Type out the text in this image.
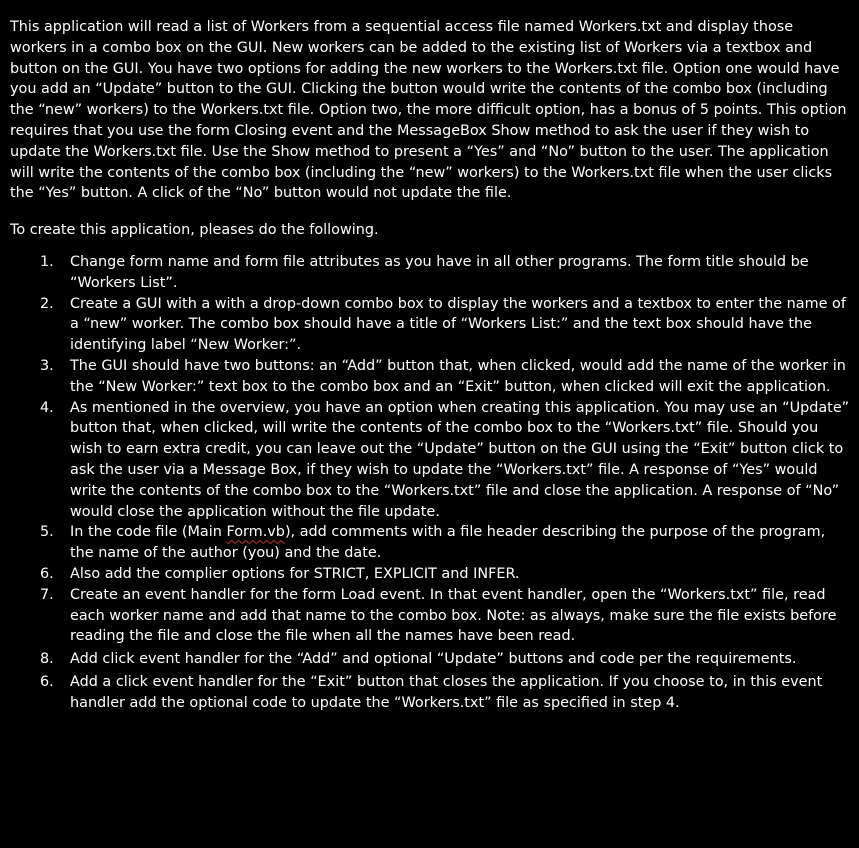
This application will read a list of Workers from a sequential access file named Workers.txt and display those workers in a combo box on the GUI. New workers can be added to the existing list of Workers via a textbox and button on the GUI. You have two options for adding the new workers to the Workers.txt file. Option one would have you add an “Update” button to the GUI. Clicking the button would write the contents of the combo box (including the “new” workers) to the Workers.txt file. Option two, the more difficult option, has a bonus of 5 points. This option requires that you use the form Closing event and the MessageBox Show method to ask the user if they wish to update the Workers.txt file. Use the Show method to present a “Yes” and “No” button to the user. The application will write the contents of the combo box (including the “new” workers) to the Workers.txt file when the user clicks the “Yes” button. A click of the “No” button would not update the file.

To create this application, pleases do the following.

1. Change form name and form file attributes as you have in all other programs. The form title should be “Workers List”.
2. Create a GUI with a with a drop-down combo box to display the workers and a textbox to enter the name of a “new” worker. The combo box should have a title of “Workers List:” and the text box should have the identifying label “New Worker:”.
3. The GUI should have two buttons: an “Add” button that, when clicked, would add the name of the worker in the “New Worker:” text box to the combo box and an “Exit” button, when clicked will exit the application.
4. As mentioned in the overview, you have an option when creating this application. You may use an “Update” button that, when clicked, will write the contents of the combo box to the “Workers.txt” file. Should you wish to earn extra credit, you can leave out the “Update” button on the GUI using the “Exit” button click to ask the user via a Message Box, if they wish to update the “Workers.txt” file. A response of “Yes” would write the contents of the combo box to the “Workers.txt” file and close the application. A response of “No” would close the application without the file update.
5. In the code file (Main Form.vb), add comments with a file header describing the purpose of the program, the name of the author (you) and the date.
6. Also add the complier options for STRICT, EXPLICIT and INFER.
7. Create an event handler for the form Load event. In that event handler, open the “Workers.txt” file, read each worker name and add that name to the combo box. Note: as always, make sure the file exists before reading the file and close the file when all the names have been read.
8. Add click event handler for the “Add” and optional “Update” buttons and code per the requirements.
6. Add a click event handler for the “Exit” button that closes the application. If you choose to, in this event handler add the optional code to update the “Workers.txt” file as specified in step 4.
